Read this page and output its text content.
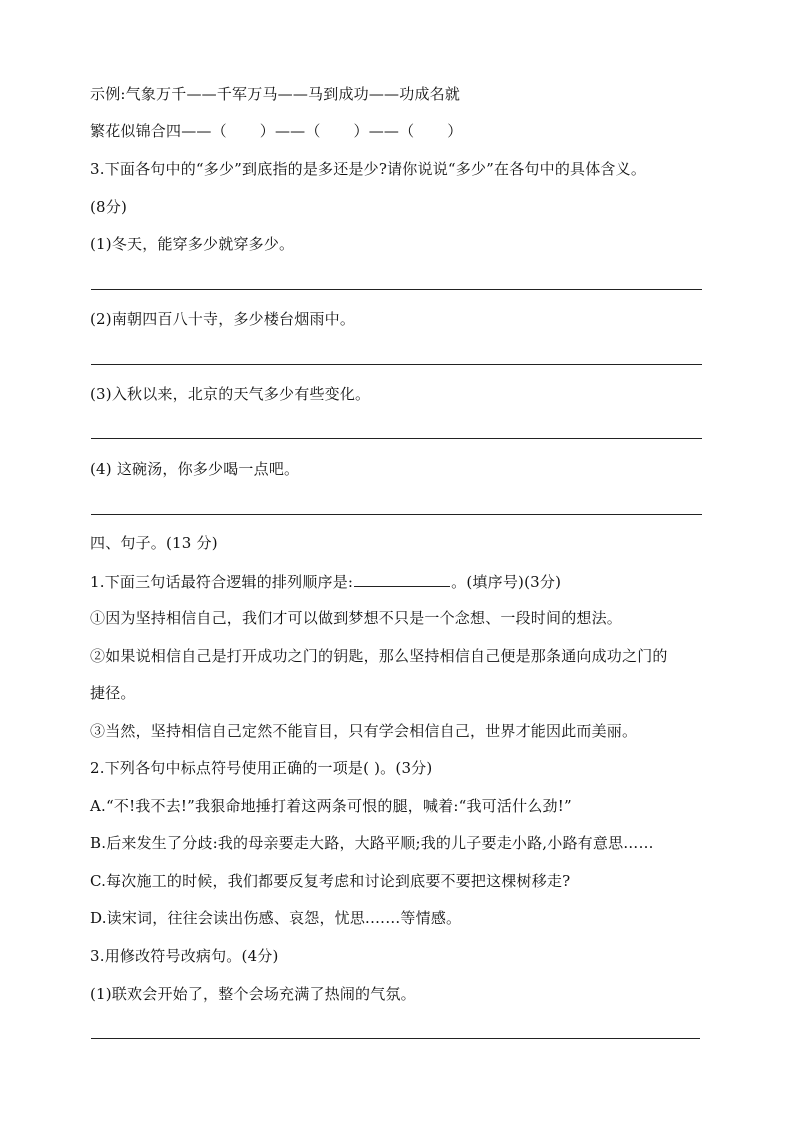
示例:气象万千——千军万马——马到成功——功成名就
繁花似锦合四——（ ）——（ ）——（ ）
3.下面各句中的“多少”到底指的是多还是少?请你说说“多少”在各句中的具体含义。
(8分)
(1)冬天，能穿多少就穿多少。
(2)南朝四百八十寺，多少楼台烟雨中。
(3)入秋以来，北京的天气多少有些变化。
(4) 这碗汤，你多少喝一点吧。
四、句子。(13 分)
1.下面三句话最符合逻辑的排列顺序是:	。(填序号)(3分)
①因为坚持相信自己，我们才可以做到梦想不只是一个念想、一段时间的想法。
②如果说相信自己是打开成功之门的钥匙，那么坚持相信自己便是那条通向成功之门的
捷径。
③当然，坚持相信自己定然不能盲目，只有学会相信自己，世界才能因此而美丽。
2.下列各句中标点符号使用正确的一项是( )。(3分)
A.“不!我不去!”我狠命地捶打着这两条可恨的腿，喊着:“我可活什么劲!”
B.后来发生了分歧:我的母亲要走大路，大路平顺;我的儿子要走小路,小路有意思……
C.每次施工的时候，我们都要反复考虑和讨论到底要不要把这棵树移走?
D.读宋词，往往会读出伤感、哀怨，忧思.……等情感。
3.用修改符号改病句。(4分)
(1)联欢会开始了，整个会场充满了热闹的气氛。
